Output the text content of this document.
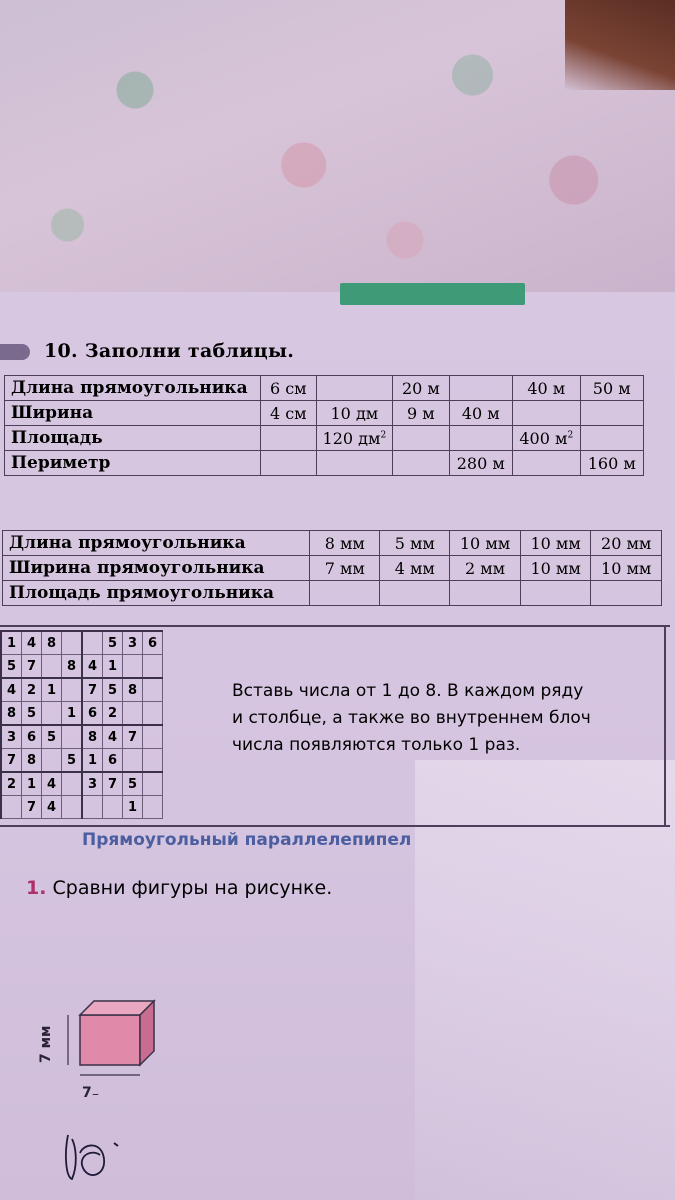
10. Заполни таблицы.
Длина прямоугольника	6 см		20 м		40 м	50 м
Ширина	4 см	10 дм	9 м	40 м		
Площадь		120 $дм^2$			400 $м^2$	
Периметр				280 м		160 м
Длина прямоугольника	8 мм	5 мм	10 мм	10 мм	20 мм
Ширина прямоугольника	7 мм	4 мм	2 мм	10 мм	10 мм
Площадь прямоугольника					
1	4	8			5	3	6
5	7		8	4	1		
4	2	1		7	5	8	
8	5		1	6	2		
3	6	5		8	4	7	
7	8		5	1	6		
2	1	4		3	7	5	
	7	4				1	
Вставь числа от 1 до 8. В каждом ряду
и столбце, а также во внутреннем блоч
числа появляются только 1 раз.
Прямоугольный параллелепипел
1. Сравни фигуры на рисунке.
7 мм
7₋
ю
